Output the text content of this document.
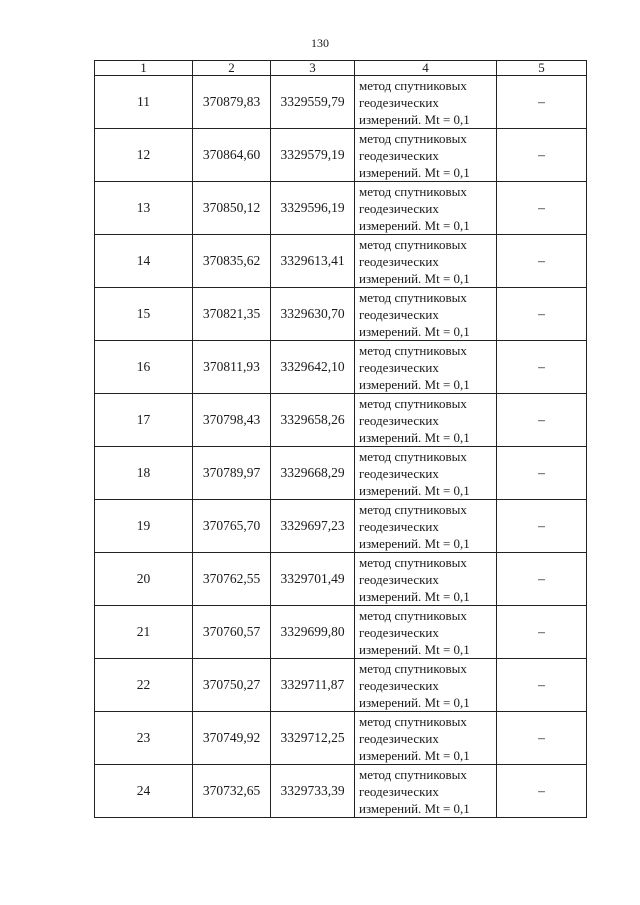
130
1	2	3	4	5
11	370879,83	3329559,79	метод спутниковых
геодезических
измерений. Mt = 0,1	–
12	370864,60	3329579,19	метод спутниковых
геодезических
измерений. Mt = 0,1	–
13	370850,12	3329596,19	метод спутниковых
геодезических
измерений. Mt = 0,1	–
14	370835,62	3329613,41	метод спутниковых
геодезических
измерений. Mt = 0,1	–
15	370821,35	3329630,70	метод спутниковых
геодезических
измерений. Mt = 0,1	–
16	370811,93	3329642,10	метод спутниковых
геодезических
измерений. Mt = 0,1	–
17	370798,43	3329658,26	метод спутниковых
геодезических
измерений. Mt = 0,1	–
18	370789,97	3329668,29	метод спутниковых
геодезических
измерений. Mt = 0,1	–
19	370765,70	3329697,23	метод спутниковых
геодезических
измерений. Mt = 0,1	–
20	370762,55	3329701,49	метод спутниковых
геодезических
измерений. Mt = 0,1	–
21	370760,57	3329699,80	метод спутниковых
геодезических
измерений. Mt = 0,1	–
22	370750,27	3329711,87	метод спутниковых
геодезических
измерений. Mt = 0,1	–
23	370749,92	3329712,25	метод спутниковых
геодезических
измерений. Mt = 0,1	–
24	370732,65	3329733,39	метод спутниковых
геодезических
измерений. Mt = 0,1	–
